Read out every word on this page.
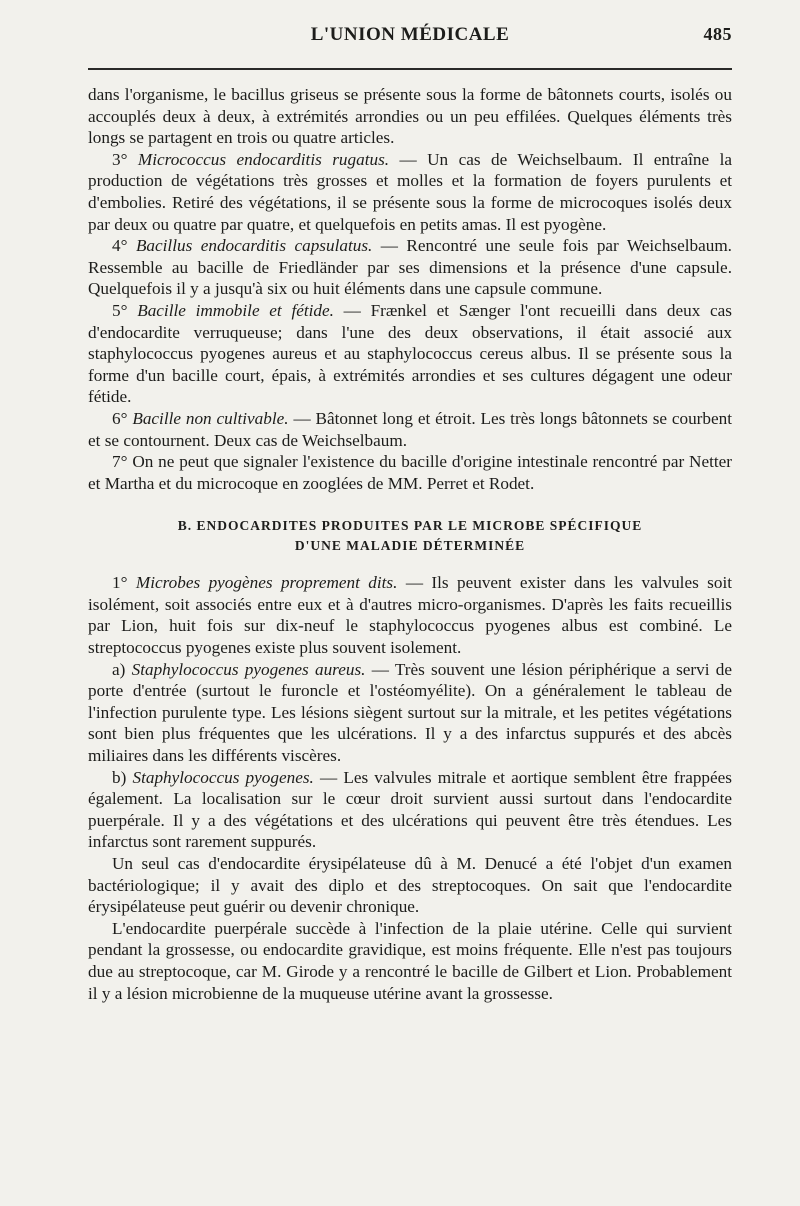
L'UNION MÉDICALE	485

dans l'organisme, le bacillus griseus se présente sous la forme de bâtonnets courts, isolés ou accouplés deux à deux, à extrémités arrondies ou un peu effilées. Quelques éléments très longs se partagent en trois ou quatre articles.

3° Micrococcus endocarditis rugatus. — Un cas de Weichselbaum. Il entraîne la production de végétations très grosses et molles et la formation de foyers purulents et d'embolies. Retiré des végétations, il se présente sous la forme de microcoques isolés deux par deux ou quatre par quatre, et quelquefois en petits amas. Il est pyogène.

4° Bacillus endocarditis capsulatus. — Rencontré une seule fois par Weichselbaum. Ressemble au bacille de Friedländer par ses dimensions et la présence d'une capsule. Quelquefois il y a jusqu'à six ou huit éléments dans une capsule commune.

5° Bacille immobile et fétide. — Frænkel et Sænger l'ont recueilli dans deux cas d'endocardite verruqueuse; dans l'une des deux observations, il était associé aux staphylococcus pyogenes aureus et au staphylococcus cereus albus. Il se présente sous la forme d'un bacille court, épais, à extrémités arrondies et ses cultures dégagent une odeur fétide.

6° Bacille non cultivable. — Bâtonnet long et étroit. Les très longs bâtonnets se courbent et se contournent. Deux cas de Weichselbaum.

7° On ne peut que signaler l'existence du bacille d'origine intestinale rencontré par Netter et Martha et du microcoque en zooglées de MM. Perret et Rodet.

B. ENDOCARDITES PRODUITES PAR LE MICROBE SPÉCIFIQUE
D'UNE MALADIE DÉTERMINÉE

1° Microbes pyogènes proprement dits. — Ils peuvent exister dans les valvules soit isolément, soit associés entre eux et à d'autres micro-organismes. D'après les faits recueillis par Lion, huit fois sur dix-neuf le staphylococcus pyogenes albus est combiné. Le streptococcus pyogenes existe plus souvent isolement.

a) Staphylococcus pyogenes aureus. — Très souvent une lésion périphérique a servi de porte d'entrée (surtout le furoncle et l'ostéomyélite). On a généralement le tableau de l'infection purulente type. Les lésions siègent surtout sur la mitrale, et les petites végétations sont bien plus fréquentes que les ulcérations. Il y a des infarctus suppurés et des abcès miliaires dans les différents viscères.

b) Staphylococcus pyogenes. — Les valvules mitrale et aortique semblent être frappées également. La localisation sur le cœur droit survient aussi surtout dans l'endocardite puerpérale. Il y a des végétations et des ulcérations qui peuvent être très étendues. Les infarctus sont rarement suppurés.

Un seul cas d'endocardite érysipélateuse dû à M. Denucé a été l'objet d'un examen bactériologique; il y avait des diplo et des streptocoques. On sait que l'endocardite érysipélateuse peut guérir ou devenir chronique.

L'endocardite puerpérale succède à l'infection de la plaie utérine. Celle qui survient pendant la grossesse, ou endocardite gravidique, est moins fréquente. Elle n'est pas toujours due au streptocoque, car M. Girode y a rencontré le bacille de Gilbert et Lion. Probablement il y a lésion microbienne de la muqueuse utérine avant la grossesse.
